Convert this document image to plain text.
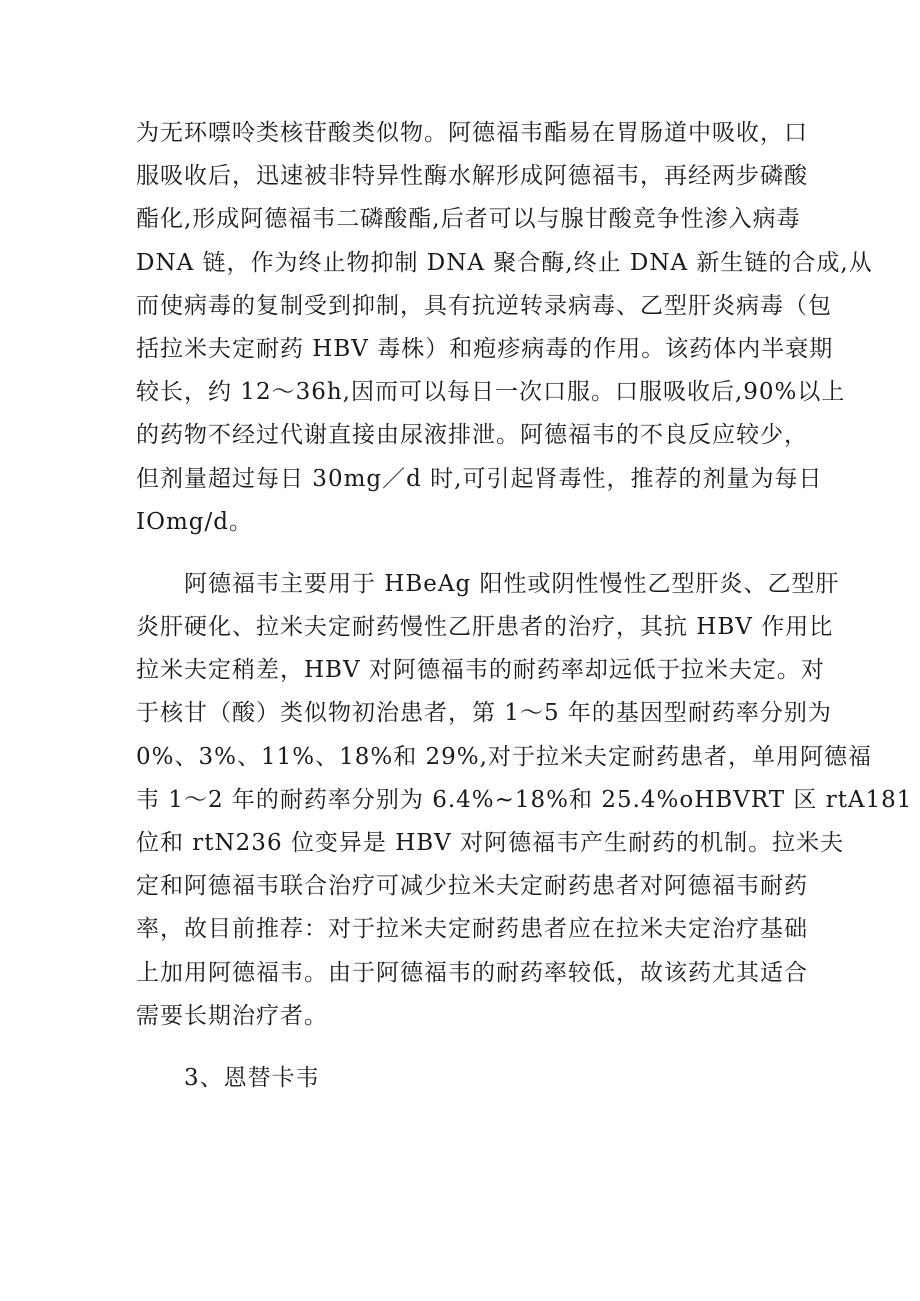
为无环嘌呤类核苷酸类似物。阿德福韦酯易在胃肠道中吸收，口
服吸收后，迅速被非特异性酶水解形成阿德福韦，再经两步磷酸
酯化,形成阿德福韦二磷酸酯,后者可以与腺甘酸竞争性渗入病毒
DNA 链，作为终止物抑制 DNA 聚合酶,终止 DNA 新生链的合成,从
而使病毒的复制受到抑制，具有抗逆转录病毒、乙型肝炎病毒（包
括拉米夫定耐药 HBV 毒株）和疱疹病毒的作用。该药体内半衰期
较长，约 12～36h,因而可以每日一次口服。口服吸收后,90%以上
的药物不经过代谢直接由尿液排泄。阿德福韦的不良反应较少，
但剂量超过每日 30mg／d 时,可引起肾毒性，推荐的剂量为每日
IOmg/d。
阿德福韦主要用于 HBeAg 阳性或阴性慢性乙型肝炎、乙型肝
炎肝硬化、拉米夫定耐药慢性乙肝患者的治疗，其抗 HBV 作用比
拉米夫定稍差，HBV 对阿德福韦的耐药率却远低于拉米夫定。对
于核甘（酸）类似物初治患者，第 1～5 年的基因型耐药率分别为
0%、3%、11%、18%和 29%,对于拉米夫定耐药患者，单用阿德福
韦 1～2 年的耐药率分别为 6.4%~18%和 25.4%oHBVRT 区 rtA181
位和 rtN236 位变异是 HBV 对阿德福韦产生耐药的机制。拉米夫
定和阿德福韦联合治疗可减少拉米夫定耐药患者对阿德福韦耐药
率，故目前推荐：对于拉米夫定耐药患者应在拉米夫定治疗基础
上加用阿德福韦。由于阿德福韦的耐药率较低，故该药尤其适合
需要长期治疗者。
3、恩替卡韦
